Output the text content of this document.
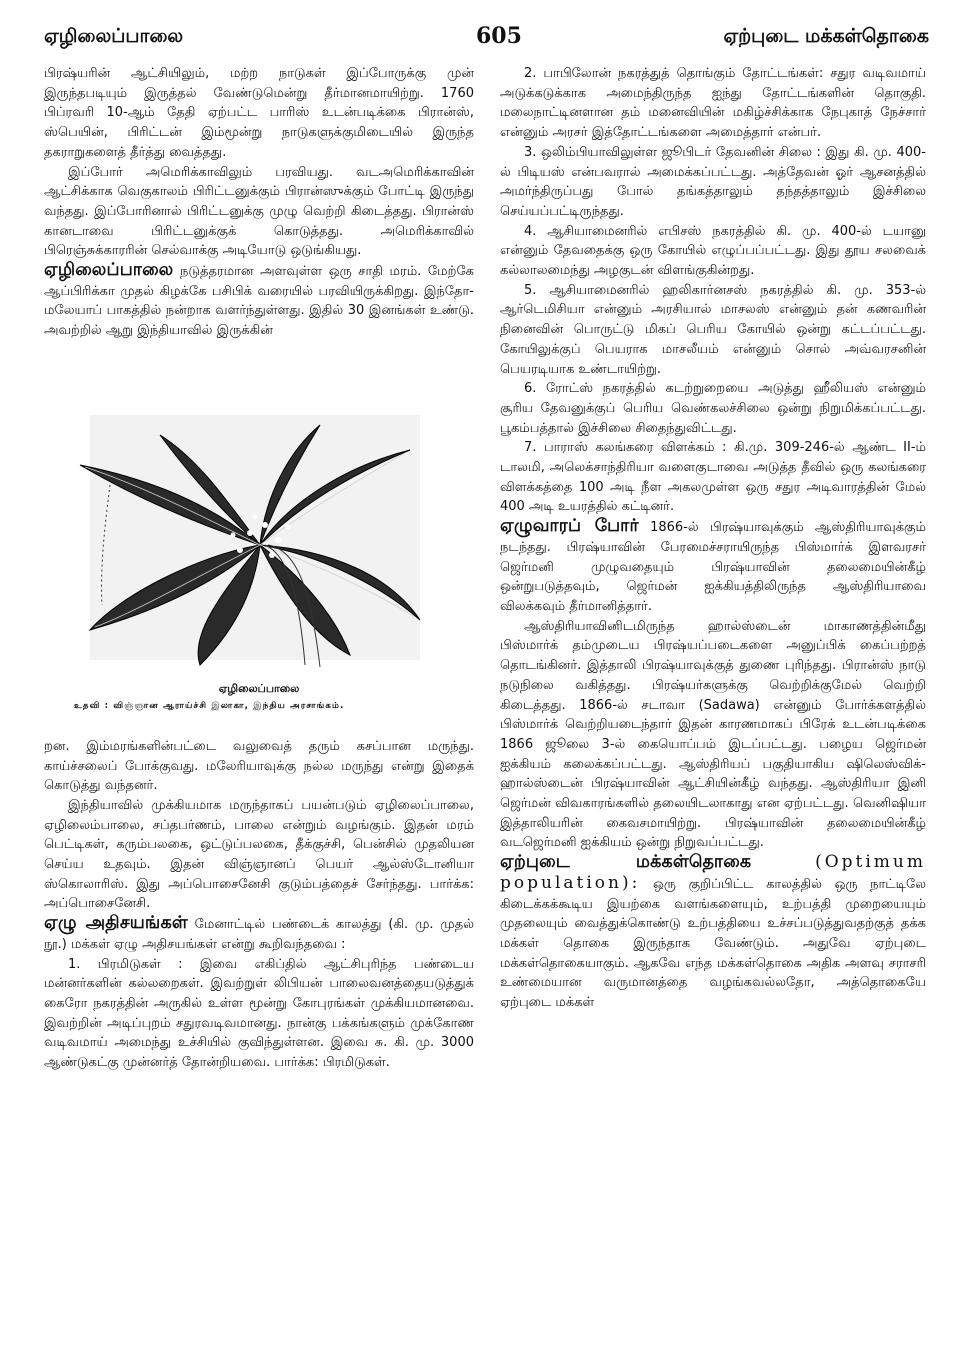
ஏழிலைப்பாலை	605	ஏற்புடை மக்கள்தொகை

பிரஷ்யரின் ஆட்சியிலும், மற்ற நாடுகள் இப்போருக்கு முன் இருந்தபடியும் இருத்தல் வேண்டுமென்று தீர்மானமாயிற்று. 1760 பிப்ரவரி 10-ஆம் தேதி ஏற்பட்ட பாரிஸ் உடன்படிக்கை பிரான்ஸ், ஸ்பெயின், பிரிட்டன் இம்மூன்று நாடுகளுக்குமிடையில் இருந்த தகராறுகளைத் தீர்த்து வைத்தது.

இப்போர் அமெரிக்காவிலும் பரவியது. வடஅமெரிக்காவின் ஆட்சிக்காக வெகுகாலம் பிரிட்டனுக்கும் பிரான்ஸுக்கும் போட்டி இருந்து வந்தது. இப்போரினால் பிரிட்டனுக்கு முழு வெற்றி கிடைத்தது. பிரான்ஸ் கானடாவை பிரிட்டனுக்குக் கொடுத்தது. அமெரிக்காவில் பிரெஞ்சுக்காரரின் செல்வாக்கு அடியோடு ஒடுங்கியது.

ஏழிலைப்பாலை நடுத்தரமான அளவுள்ள ஒரு சாதி மரம். மேற்கே ஆப்பிரிக்கா முதல் கிழக்கே பசிபிக் வரையில் பரவியிருக்கிறது. இந்தோ-மலேயாப் பாகத்தில் நன்றாக வளர்ந்துள்ளது. இதில் 30 இனங்கள் உண்டு. அவற்றில் ஆறு இந்தியாவில் இருக்கின்

ஏழிலைப்பாலை
உதவி : விஞ்ஞான ஆராய்ச்சி இலாகா, இந்திய அரசாங்கம்.

றன. இம்மரங்களின்பட்டை வலுவைத் தரும் கசப்பான மருந்து. காய்ச்சலைப் போக்குவது. மலேரியாவுக்கு நல்ல மருந்து என்று இதைக் கொடுத்து வந்தனர்.

இந்தியாவில் முக்கியமாக மருந்தாகப் பயன்படும் ஏழிலைப்பாலை, ஏழிலைம்பாலை, சப்தபர்ணம், பாலை என்றும் வழங்கும். இதன் மரம் பெட்டிகள், கரும்பலகை, ஒட்டுப்பலகை, தீக்குச்சி, பென்சில் முதலியன செய்ய உதவும். இதன் விஞ்ஞானப் பெயர் ஆல்ஸ்டோனியா ஸ்கொலாரிஸ். இது அப்பொசைனேசி குடும்பத்தைச் சேர்ந்தது. பார்க்க: அப்பொசைனேசி.

ஏழு அதிசயங்கள் மேனாட்டில் பண்டைக் காலத்து (கி. மு. முதல் நூ.) மக்கள் ஏழு அதிசயங்கள் என்று கூறிவந்தவை :

1. பிரமிடுகள் : இவை எகிப்தில் ஆட்சிபுரிந்த பண்டைய மன்னர்களின் கல்லறைகள். இவற்றுள் லிபியன் பாலைவனத்தையடுத்துக் கைரோ நகரத்தின் அருகில் உள்ள மூன்று கோபுரங்கள் முக்கியமானவை. இவற்றின் அடிப்புறம் சதுரவடிவமானது. நான்கு பக்கங்களும் முக்கோண வடிவமாய் அமைந்து உச்சியில் குவிந்துள்ளன. இவை சு. கி. மு. 3000 ஆண்டுகட்கு முன்னர்த் தோன்றியவை. பார்க்க: பிரமிடுகள்.

2. பாபிலோன் நகரத்துத் தொங்கும் தோட்டங்கள்: சதுர வடிவமாய் அடுக்கடுக்காக அமைந்திருந்த ஐந்து தோட்டங்களின் தொகுதி. மலைநாட்டினளான தம் மனைவியின் மகிழ்ச்சிக்காக நேபுகாத் நேச்சார் என்னும் அரசர் இத்தோட்டங்களை அமைத்தார் என்பர்.

3. ஒலிம்பியாவிலுள்ள ஜூபிடர் தேவனின் சிலை : இது கி. மு. 400-ல் பிடியஸ் என்பவரால் அமைக்கப்பட்டது. அத்தேவன் ஓர் ஆசனத்தில் அமர்ந்திருப்பது போல் தங்கத்தாலும் தந்தத்தாலும் இச்சிலை செய்யப்பட்டிருந்தது.

4. ஆசியாமைனரில் எபிசஸ் நகரத்தில் கி. மு. 400-ல் டயானு என்னும் தேவதைக்கு ஒரு கோயில் எழுப்பப்பட்டது. இது தூய சலவைக் கல்லாலமைந்து அழகுடன் விளங்குகின்றது.

5. ஆசியாமைனரில் ஹலிகார்னசஸ் நகரத்தில் கி. மு. 353-ல் ஆர்டெமிசியா என்னும் அரசியால் மாசலஸ் என்னும் தன் கணவரின் நினைவின் பொருட்டு மிகப் பெரிய கோயில் ஒன்று கட்டப்பட்டது. கோயிலுக்குப் பெயராக மாசலீயம் என்னும் சொல் அவ்வரசனின் பெயரடியாக உண்டாயிற்று.

6. ரோட்ஸ் நகரத்தில் கடற்றுறையை அடுத்து ஹீலியஸ் என்னும் சூரிய தேவனுக்குப் பெரிய வெண்கலச்சிலை ஒன்று நிறுமிக்கப்பட்டது. பூகம்பத்தால் இச்சிலை சிதைந்துவிட்டது.

7. பாராஸ் கலங்கரை விளக்கம் : கி.மு. 309-246-ல் ஆண்ட II-ம் டாலமி, அலெக்சாந்திரியா வளைகுடாவை அடுத்த தீவில் ஒரு கலங்கரை விளக்கத்தை 100 அடி நீள அகலமுள்ள ஒரு சதுர அடிவாரத்தின் மேல் 400 அடி உயரத்தில் கட்டினர்.

ஏழுவாரப் போர் 1866-ல் பிரஷ்யாவுக்கும் ஆஸ்திரியாவுக்கும் நடந்தது. பிரஷ்யாவின் பேரமைச்சராயிருந்த பிஸ்மார்க் இளவரசர் ஜெர்மனி முழுவதையும் பிரஷ்யாவின் தலைமையின்கீழ் ஒன்றுபடுத்தவும், ஜெர்மன் ஐக்கியத்திலிருந்த ஆஸ்திரியாவை விலக்கவும் தீர்மானித்தார்.

ஆஸ்திரியாவினிடமிருந்த ஹால்ஸ்டைன் மாகாணத்தின்மீது பிஸ்மார்க் தம்முடைய பிரஷ்யப்படைகளை அனுப்பிக் கைப்பற்றத் தொடங்கினர். இத்தாலி பிரஷ்யாவுக்குத் துணை புரிந்தது. பிரான்ஸ் நாடு நடுநிலை வகித்தது. பிரஷ்யர்களுக்கு வெற்றிக்குமேல் வெற்றி கிடைத்தது. 1866-ல் சடாவா (Sadawa) என்னும் போர்க்களத்தில் பிஸ்மார்க் வெற்றியடைந்தார் இதன் காரணமாகப் பிரேக் உடன்படிக்கை 1866 ஜூலை 3-ல் கையொப்பம் இடப்பட்டது. பழைய ஜெர்மன் ஐக்கியம் கலைக்கப்பட்டது. ஆஸ்திரியப் பகுதியாகிய ஷிலெஸ்விக்-ஹால்ஸ்டைன் பிரஷ்யாவின் ஆட்சியின்கீழ் வந்தது. ஆஸ்திரியா இனி ஜெர்மன் விவகாரங்களில் தலையிடலாகாது என ஏற்பட்டது. வெனிஷியா இத்தாலியரின் கைவசமாயிற்று. பிரஷ்யாவின் தலைமையின்கீழ் வடஜெர்மனி ஐக்கியம் ஒன்று நிறுவப்பட்டது.

ஏற்புடை மக்கள்தொகை	(Optimum population): ஒரு குறிப்பிட்ட காலத்தில் ஒரு நாட்டிலே கிடைக்கக்கூடிய இயற்கை வளங்களையும், உற்பத்தி முறையையும் முதலையும் வைத்துக்கொண்டு உற்பத்தியை உச்சப்படுத்துவதற்குத் தக்க மக்கள் தொகை இருந்தாக வேண்டும். அதுவே ஏற்புடை மக்கள்தொகையாகும். ஆகவே எந்த மக்கள்தொகை அதிக அளவு சராசரி உண்மையான வருமானத்தை வழங்கவல்லதோ, அத்தொகையே ஏற்புடை மக்கள்
